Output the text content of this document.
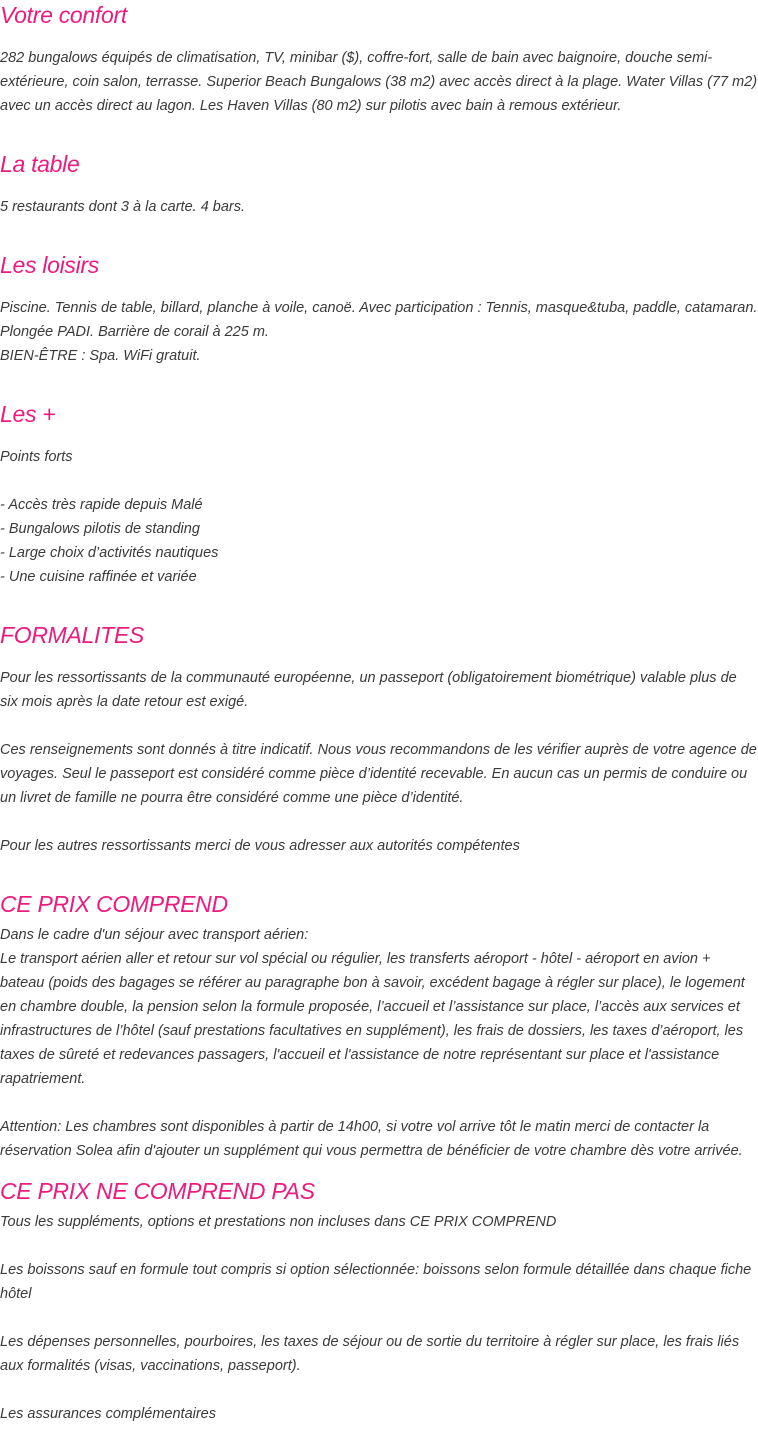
Votre confort

282 bungalows équipés de climatisation, TV, minibar ($), coffre-fort, salle de bain avec baignoire, douche semi-extérieure, coin salon, terrasse. Superior Beach Bungalows (38 m2) avec accès direct à la plage. Water Villas (77 m2) avec un accès direct au lagon. Les Haven Villas (80 m2) sur pilotis avec bain à remous extérieur.

La table

5 restaurants dont 3 à la carte. 4 bars.

Les loisirs

Piscine. Tennis de table, billard, planche à voile, canoë. Avec participation : Tennis, masque&tuba, paddle, catamaran. Plongée PADI. Barrière de corail à 225 m.
BIEN-ÊTRE : Spa. WiFi gratuit.

Les +

Points forts
- Accès très rapide depuis Malé
- Bungalows pilotis de standing
- Large choix d’activités nautiques
- Une cuisine raffinée et variée

FORMALITES

Pour les ressortissants de la communauté européenne, un passeport (obligatoirement biométrique) valable plus de six mois après la date retour est exigé.
Ces renseignements sont donnés à titre indicatif. Nous vous recommandons de les vérifier auprès de votre agence de voyages. Seul le passeport est considéré comme pièce d’identité recevable. En aucun cas un permis de conduire ou un livret de famille ne pourra être considéré comme une pièce d’identité.
Pour les autres ressortissants merci de vous adresser aux autorités compétentes

CE PRIX COMPREND

Dans le cadre d'un séjour avec transport aérien:
Le transport aérien aller et retour sur vol spécial ou régulier, les transferts aéroport - hôtel - aéroport en avion + bateau (poids des bagages se référer au paragraphe bon à savoir, excédent bagage à régler sur place), le logement en chambre double, la pension selon la formule proposée, l’accueil et l’assistance sur place, l’accès aux services et infrastructures de l’hôtel (sauf prestations facultatives en supplément), les frais de dossiers, les taxes d’aéroport, les taxes de sûreté et redevances passagers, l'accueil et l'assistance de notre représentant sur place et l'assistance rapatriement.
Attention: Les chambres sont disponibles à partir de 14h00, si votre vol arrive tôt le matin merci de contacter la réservation Solea afin d'ajouter un supplément qui vous permettra de bénéficier de votre chambre dès votre arrivée.

CE PRIX NE COMPREND PAS

Tous les suppléments, options et prestations non incluses dans CE PRIX COMPREND
Les boissons sauf en formule tout compris si option sélectionnée: boissons selon formule détaillée dans chaque fiche hôtel
Les dépenses personnelles, pourboires, les taxes de séjour ou de sortie du territoire à régler sur place, les frais liés aux formalités (visas, vaccinations, passeport).
Les assurances complémentaires
